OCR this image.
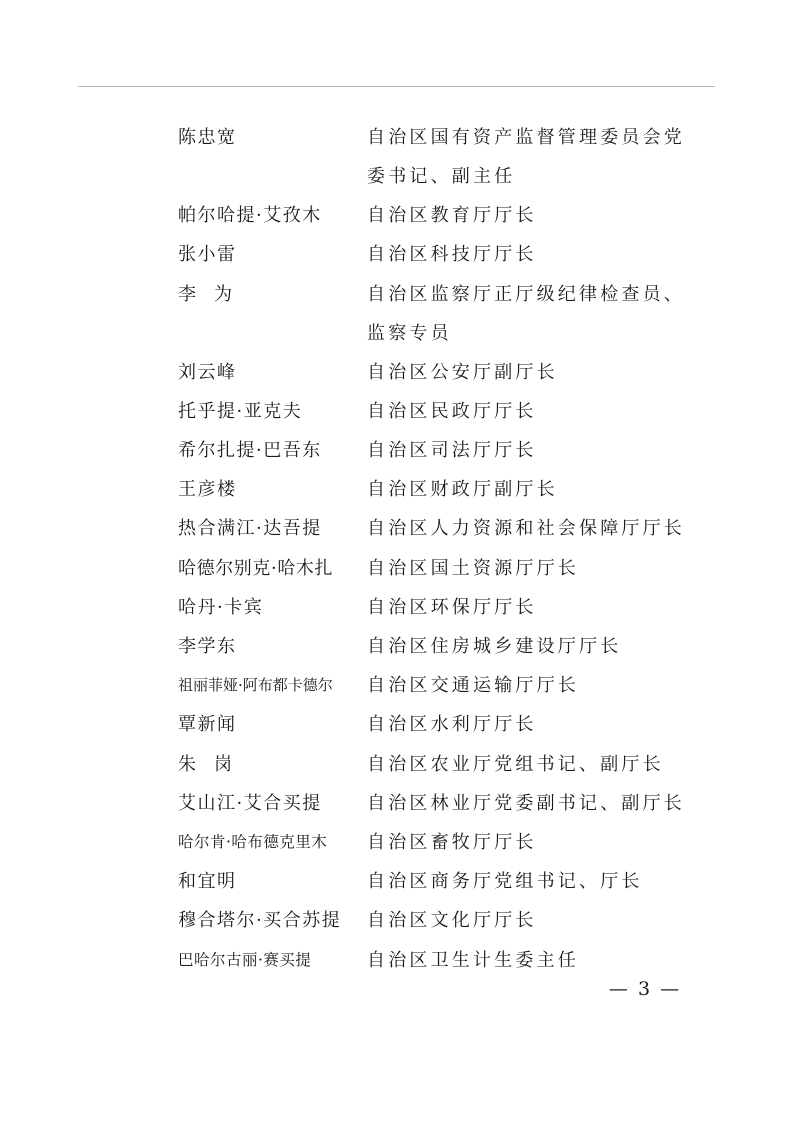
陈忠宽	自治区国有资产监督管理委员会党委书记、副主任
帕尔哈提·艾孜木	自治区教育厅厅长
张小雷	自治区科技厅厅长
李　为	自治区监察厅正厅级纪律检查员、监察专员
刘云峰	自治区公安厅副厅长
托乎提·亚克夫	自治区民政厅厅长
希尔扎提·巴吾东	自治区司法厅厅长
王彦楼	自治区财政厅副厅长
热合满江·达吾提	自治区人力资源和社会保障厅厅长
哈德尔别克·哈木扎	自治区国土资源厅厅长
哈丹·卡宾	自治区环保厅厅长
李学东	自治区住房城乡建设厅厅长
祖丽菲娅·阿布都卡德尔	自治区交通运输厅厅长
覃新闻	自治区水利厅厅长
朱　岗	自治区农业厅党组书记、副厅长
艾山江·艾合买提	自治区林业厅党委副书记、副厅长
哈尔肯·哈布德克里木	自治区畜牧厅厅长
和宜明	自治区商务厅党组书记、厅长
穆合塔尔·买合苏提	自治区文化厅厅长
巴哈尔古丽·赛买提	自治区卫生计生委主任
— 3 —
